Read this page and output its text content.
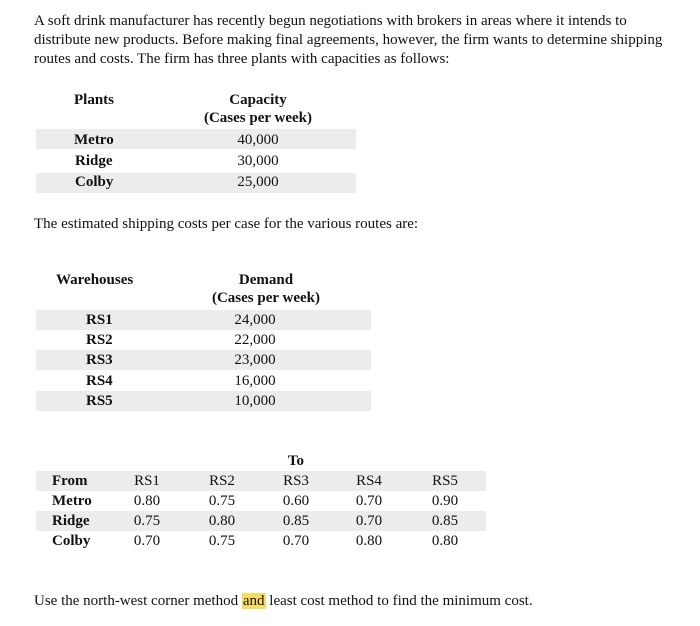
A soft drink manufacturer has recently begun negotiations with brokers in areas where it intends to distribute new products. Before making final agreements, however, the firm wants to determine shipping routes and costs. The firm has three plants with capacities as follows:

Plants	Capacity
(Cases per week)
Metro	40,000
Ridge	30,000
Colby	25,000
The estimated shipping costs per case for the various routes are:
Warehouses	Demand
(Cases per week)
RS1	24,000
RS2	22,000
RS3	23,000
RS4	16,000
RS5	10,000
To
From	RS1	RS2	RS3	RS4	RS5
Metro	0.80	0.75	0.60	0.70	0.90
Ridge	0.75	0.80	0.85	0.70	0.85
Colby	0.70	0.75	0.70	0.80	0.80
Use the north-west corner method and least cost method to find the minimum cost.
